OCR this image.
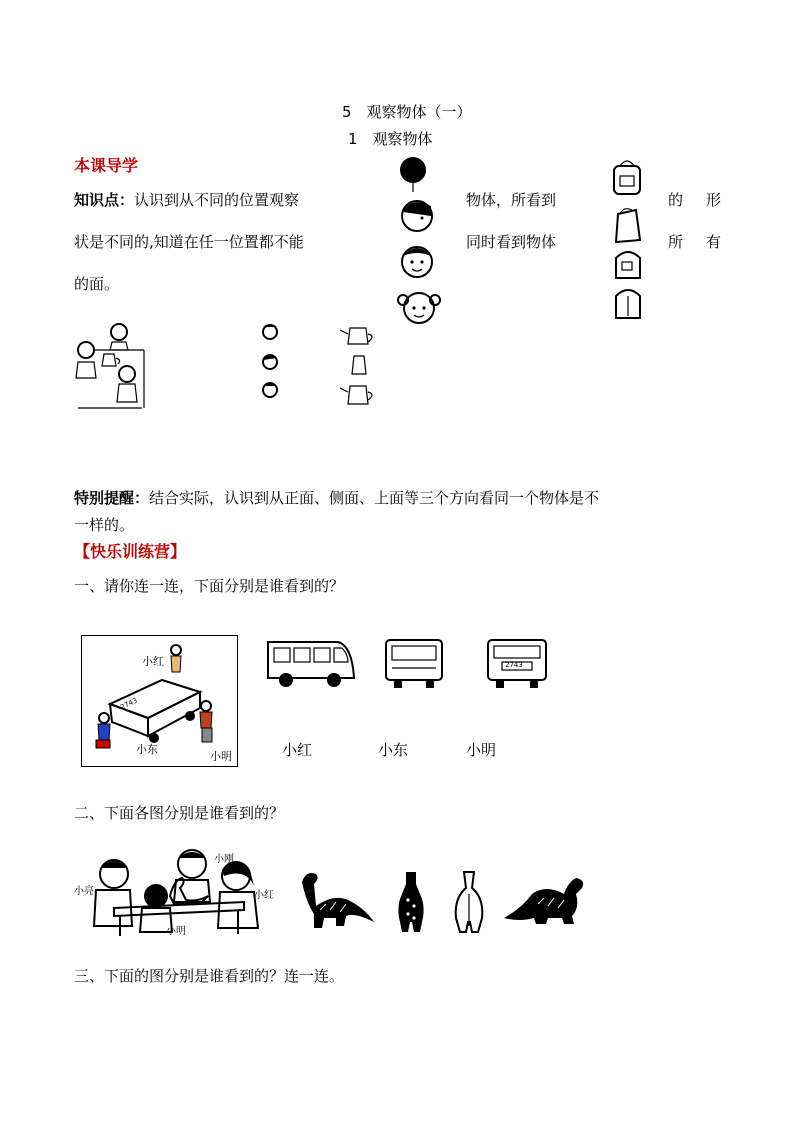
5　观察物体（一）
1　观察物体
本课导学
知识点：认识到从不同的位置观察	物体，所看到	的 形
状是不同的,知道在任一位置都不能	同时看到物体	所 有
的面。
特别提醒：结合实际，认识到从正面、侧面、上面等三个方向看同一个物体是不
一样的。
【快乐训练营】
一、请你连一连，下面分别是谁看到的？
小红
小东
小明
2743
2743
小红	小东	小明
二、下面各图分别是谁看到的？
小刚
小亮	小红
小明
三、下面的图分别是谁看到的？连一连。
